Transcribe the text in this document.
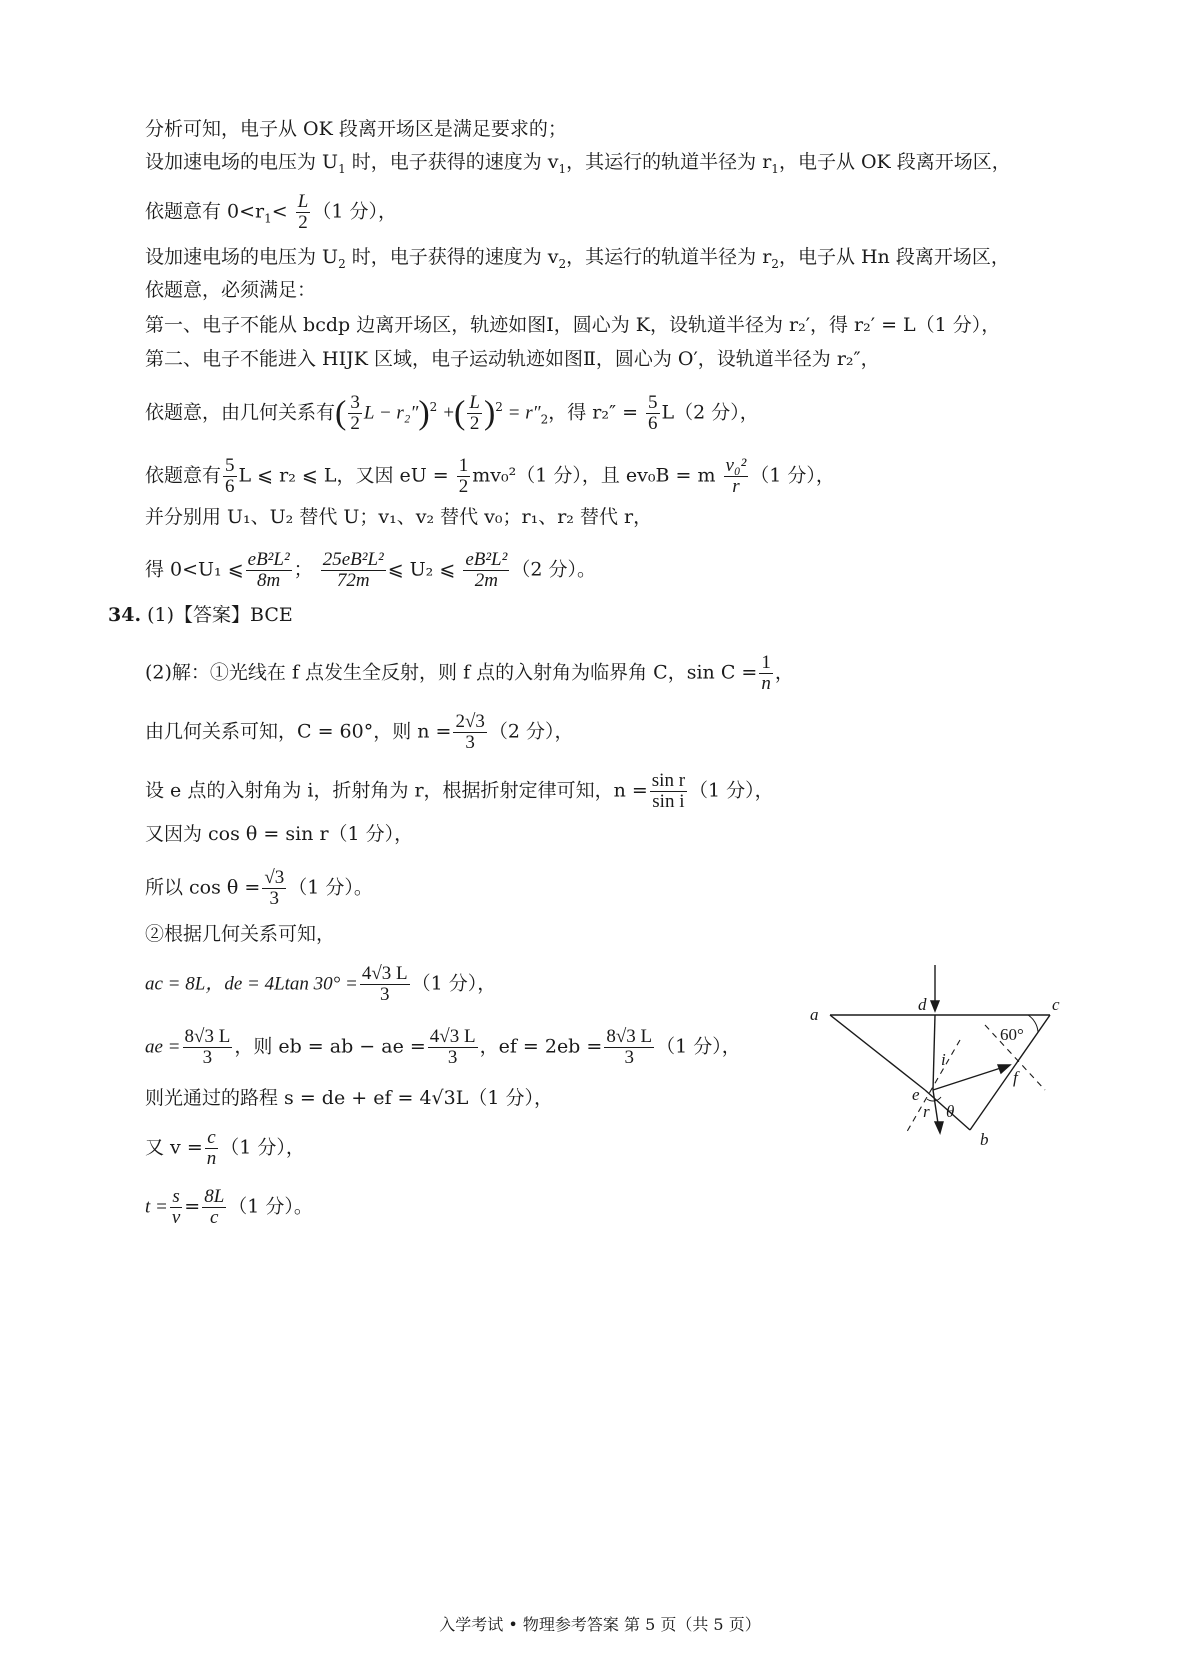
分析可知，电子从 OK 段离开场区是满足要求的；
设加速电场的电压为 $U_1$ 时，电子获得的速度为 $v_1$，其运行的轨道半径为 $r_1$，电子从 OK 段离开场区，
依题意有 $0<r_1< \frac{L}{2} (1$ 分），
设加速电场的电压为 $U_2$ 时，电子获得的速度为 $v_2$，其运行的轨道半径为 $r_2$，电子从 Hn 段离开场区，
依题意，必须满足：
第一、电子不能从 bcdp 边离开场区，轨迹如图Ⅰ，圆心为 K，设轨道半径为 r₂′，得 r₂′ = L（1 分），
第二、电子不能进入 HIJK 区域，电子运动轨迹如图Ⅱ，圆心为 O′，设轨道半径为 r₂″，
依题意，由几何关系有( $\frac{3}{2}$ L − r₂″)$^2$ +( $\frac{L}{2} )^2 = r''_2$，得 $r_2'' = \frac{5}{6} L(2$ 分），
依题意有 $\frac{5}{6}$ L ⩽ r₂ ⩽ L，又因 eU = $\frac{1}{2} mv_0^2(1$ 分），且 ev₀B = m $\frac{\text{v₀²}}{r} (1$ 分），
并分别用 U₁、U₂ 替代 U；v₁、v₂ 替代 v₀；r₁、r₂ 替代 r，
得 0<U₁ ⩽ $\frac{\text{eB²L²}}{8m}$ ； $\frac{\text{25eB²L²}}{72m}$ ⩽ U₂ ⩽ $\frac{\text{eB²L²}}{2m} (2$ 分）。
34. (1)【答案】BCE
(2)解：①光线在 f 点发生全反射，则 f 点的入射角为临界角 C，$\sin C = \frac{1}{n}$ ，
由几何关系可知，C = 60°，则 $n = \frac{2√3}{3} (2$ 分），
设 e 点的入射角为 i，折射角为 r，根据折射定律可知，$n = \frac{\text{sin r}}{\text{sin i}} (1$ 分），
又因为 cos θ = sin r（1 分），
所以 $\cos \theta = \frac{√3}{3} (1$ 分）。
②根据几何关系可知，
ac = 8L，de = 4Ltan $30^\circ = \frac{4√3 L}{3} (1$ 分），
ae = $\frac{8√3 L}{3}$ ，则 eb = ab − ae = $\frac{4√3 L}{3}$ ，ef = $2eb = \frac{8√3 L}{3} (1$ 分），
则光通过的路程 s = de + ef = 4√3L（1 分），
又 $v = \frac{c}{n} (1$ 分），
$t = \frac{s}{v} = \frac{8L}{c} (1$ 分）。
a
d	c
60°
i
f
e
r θ
b
入学考试 • 物理参考答案 第 5 页（共 5 页）
